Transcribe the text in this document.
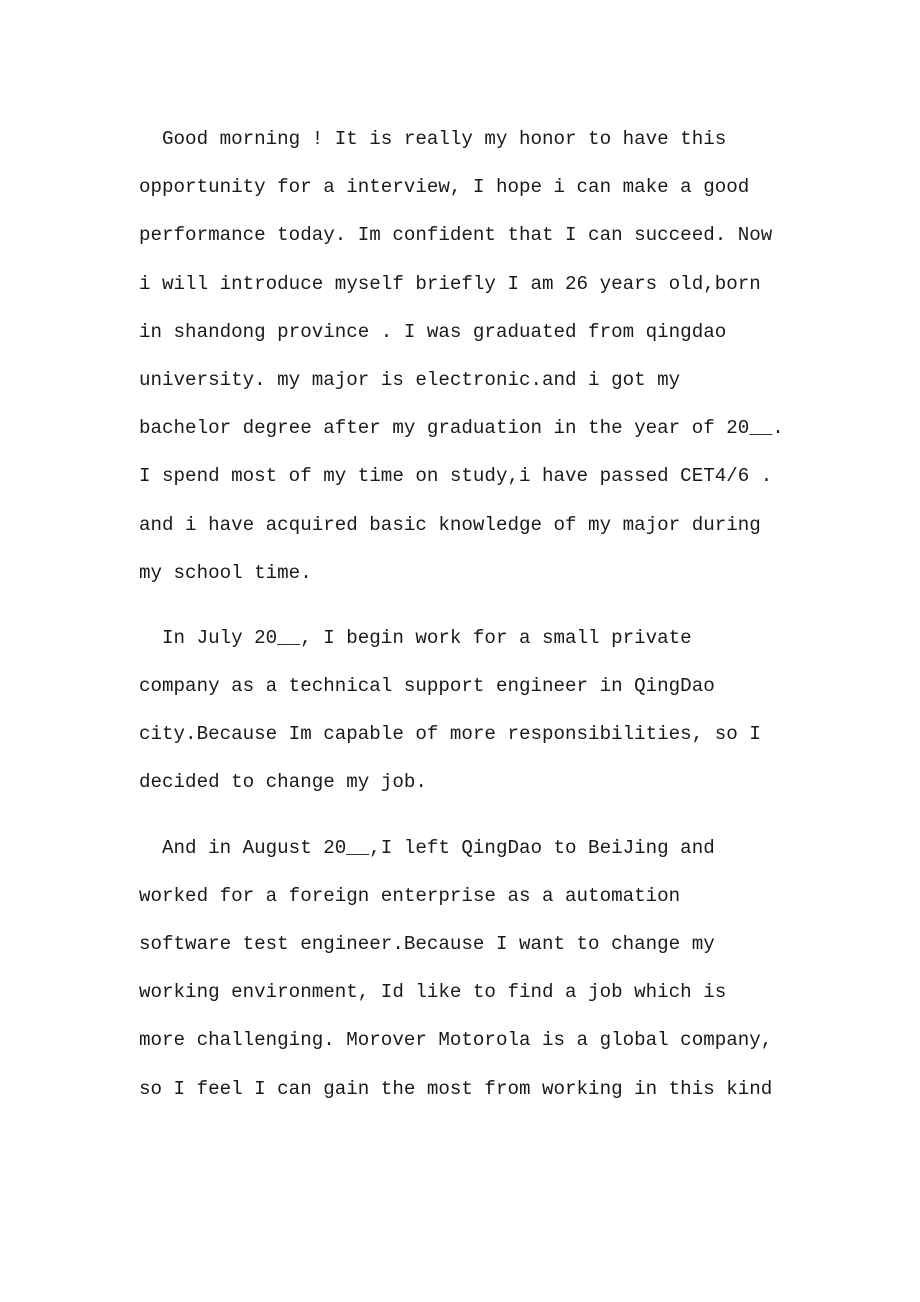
Good morning ! It is really my honor to have this
opportunity for a interview, I hope i can make a good
performance today. Im confident that I can succeed. Now
i will introduce myself briefly I am 26 years old,born
in shandong province . I was graduated from qingdao
university. my major is electronic.and i got my
bachelor degree after my graduation in the year of 20__.
I spend most of my time on study,i have passed CET4/6 .
and i have acquired basic knowledge of my major during
my school time.
In July 20__, I begin work for a small private
company as a technical support engineer in QingDao
city.Because Im capable of more responsibilities, so I
decided to change my job.
And in August 20__,I left QingDao to BeiJing and
worked for a foreign enterprise as a automation
software test engineer.Because I want to change my
working environment, Id like to find a job which is
more challenging. Morover Motorola is a global company,
so I feel I can gain the most from working in this kind
